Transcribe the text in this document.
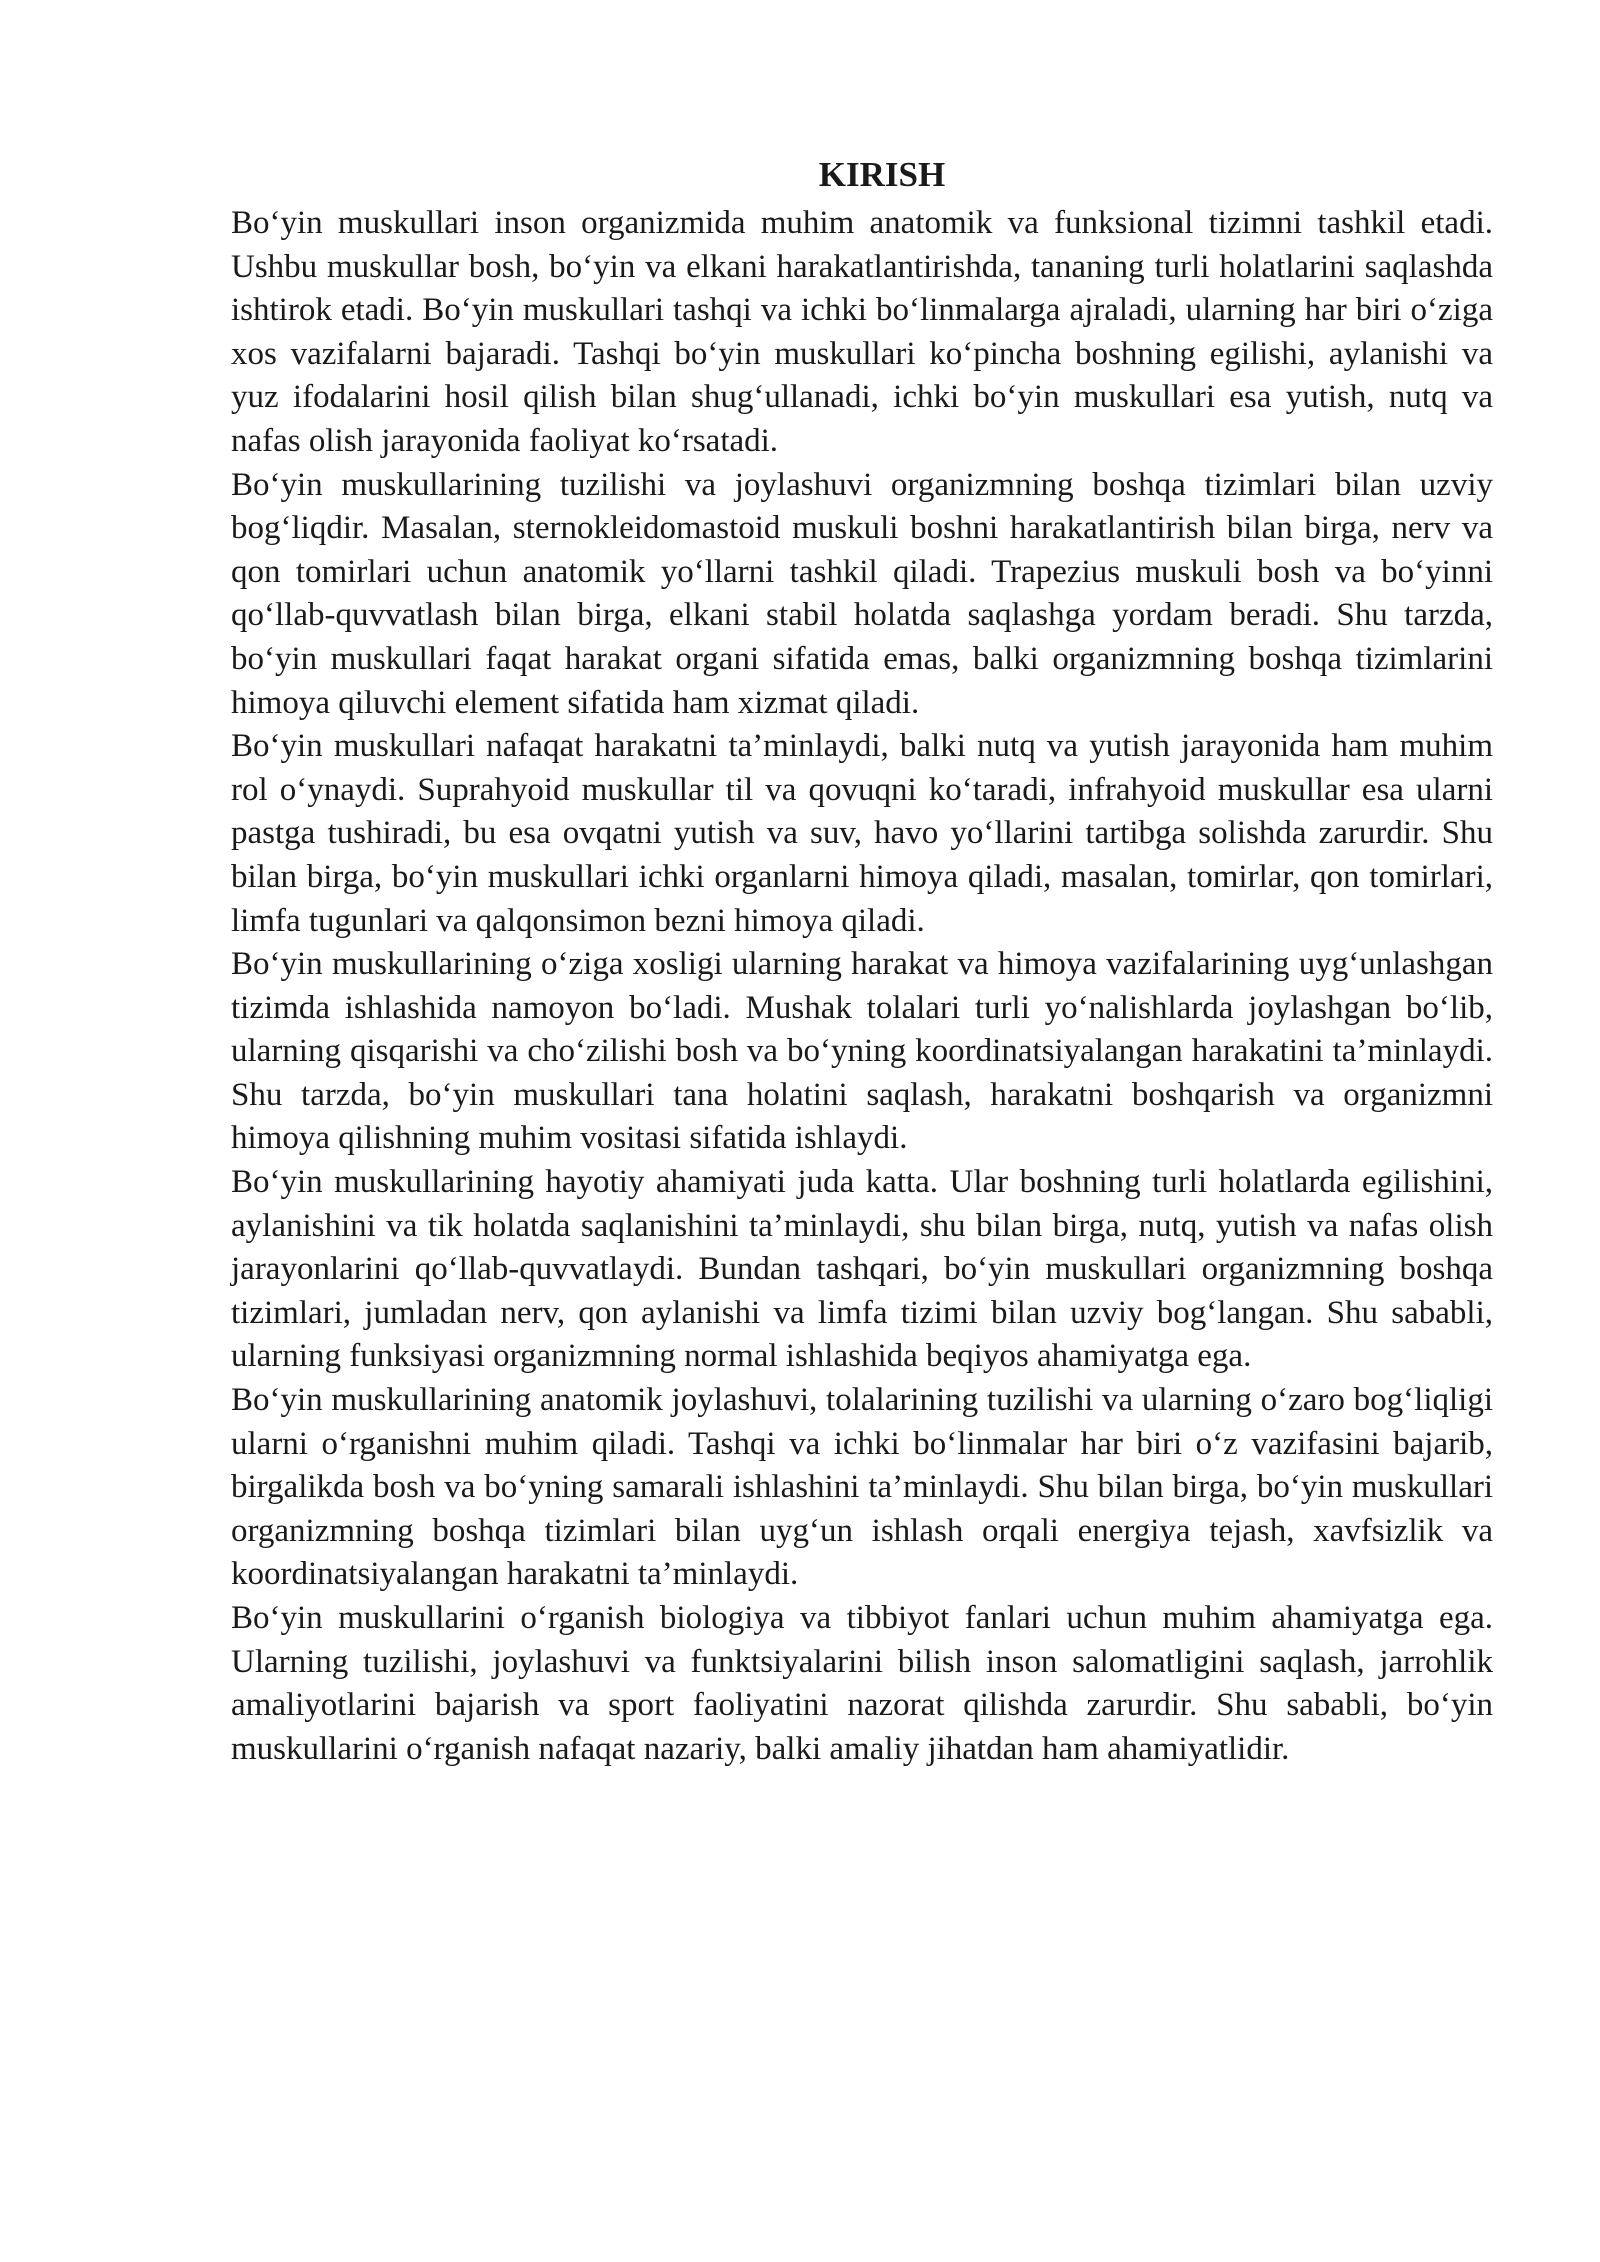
KIRISH

Bo‘yin muskullari inson organizmida muhim anatomik va funksional tizimni tashkil etadi. Ushbu muskullar bosh, bo‘yin va elkani harakatlantirishda, tananing turli holatlarini saqlashda ishtirok etadi. Bo‘yin muskullari tashqi va ichki bo‘linmalarga ajraladi, ularning har biri o‘ziga xos vazifalarni bajaradi. Tashqi bo‘yin muskullari ko‘pincha boshning egilishi, aylanishi va yuz ifodalarini hosil qilish bilan shug‘ullanadi, ichki bo‘yin muskullari esa yutish, nutq va nafas olish jarayonida faoliyat ko‘rsatadi.

Bo‘yin muskullarining tuzilishi va joylashuvi organizmning boshqa tizimlari bilan uzviy bog‘liqdir. Masalan, sternokleidomastoid muskuli boshni harakatlantirish bilan birga, nerv va qon tomirlari uchun anatomik yo‘llarni tashkil qiladi. Trapezius muskuli bosh va bo‘yinni qo‘llab-quvvatlash bilan birga, elkani stabil holatda saqlashga yordam beradi. Shu tarzda, bo‘yin muskullari faqat harakat organi sifatida emas, balki organizmning boshqa tizimlarini himoya qiluvchi element sifatida ham xizmat qiladi.

Bo‘yin muskullari nafaqat harakatni ta’minlaydi, balki nutq va yutish jarayonida ham muhim rol o‘ynaydi. Suprahyoid muskullar til va qovuqni ko‘taradi, infrahyoid muskullar esa ularni pastga tushiradi, bu esa ovqatni yutish va suv, havo yo‘llarini tartibga solishda zarurdir. Shu bilan birga, bo‘yin muskullari ichki organlarni himoya qiladi, masalan, tomirlar, qon tomirlari, limfa tugunlari va qalqonsimon bezni himoya qiladi.

Bo‘yin muskullarining o‘ziga xosligi ularning harakat va himoya vazifalarining uyg‘unlashgan tizimda ishlashida namoyon bo‘ladi. Mushak tolalari turli yo‘nalishlarda joylashgan bo‘lib, ularning qisqarishi va cho‘zilishi bosh va bo‘yning koordinatsiyalangan harakatini ta’minlaydi. Shu tarzda, bo‘yin muskullari tana holatini saqlash, harakatni boshqarish va organizmni himoya qilishning muhim vositasi sifatida ishlaydi.

Bo‘yin muskullarining hayotiy ahamiyati juda katta. Ular boshning turli holatlarda egilishini, aylanishini va tik holatda saqlanishini ta’minlaydi, shu bilan birga, nutq, yutish va nafas olish jarayonlarini qo‘llab-quvvatlaydi. Bundan tashqari, bo‘yin muskullari organizmning boshqa tizimlari, jumladan nerv, qon aylanishi va limfa tizimi bilan uzviy bog‘langan. Shu sababli, ularning funksiyasi organizmning normal ishlashida beqiyos ahamiyatga ega.

Bo‘yin muskullarining anatomik joylashuvi, tolalarining tuzilishi va ularning o‘zaro bog‘liqligi ularni o‘rganishni muhim qiladi. Tashqi va ichki bo‘linmalar har biri o‘z vazifasini bajarib, birgalikda bosh va bo‘yning samarali ishlashini ta’minlaydi. Shu bilan birga, bo‘yin muskullari organizmning boshqa tizimlari bilan uyg‘un ishlash orqali energiya tejash, xavfsizlik va koordinatsiyalangan harakatni ta’minlaydi.

Bo‘yin muskullarini o‘rganish biologiya va tibbiyot fanlari uchun muhim ahamiyatga ega. Ularning tuzilishi, joylashuvi va funktsiyalarini bilish inson salomatligini saqlash, jarrohlik amaliyotlarini bajarish va sport faoliyatini nazorat qilishda zarurdir. Shu sababli, bo‘yin muskullarini o‘rganish nafaqat nazariy, balki amaliy jihatdan ham ahamiyatlidir.
